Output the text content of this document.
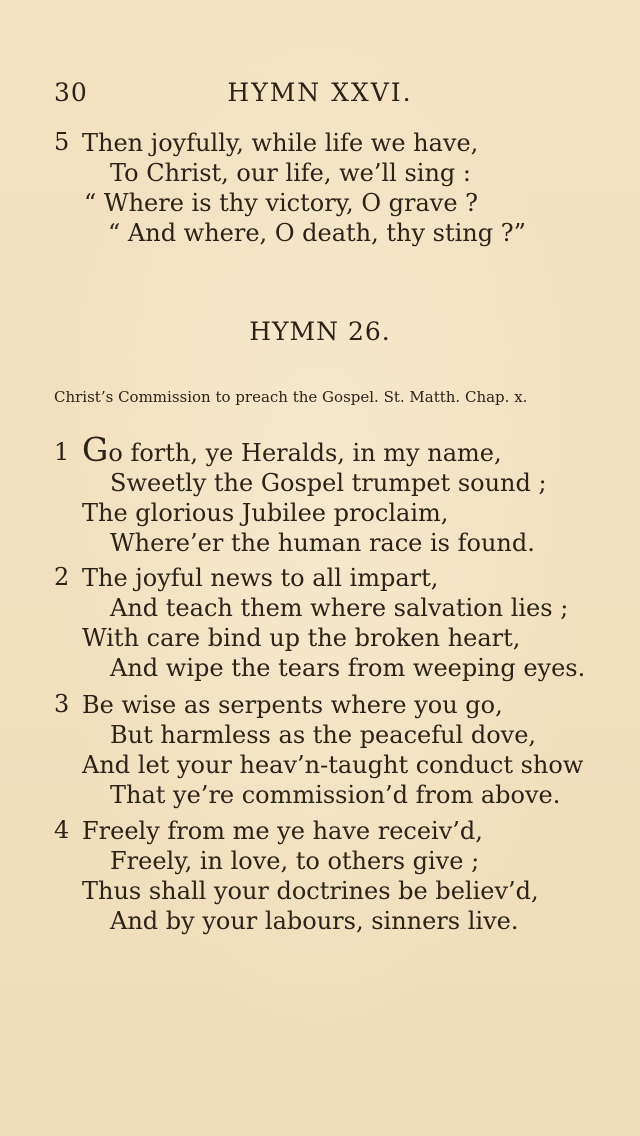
30	HYMN XXVI.
5 Then joyfully, while life we have,
To Christ, our life, we’ll sing :
“ Where is thy victory, O grave ?
“ And where, O death, thy sting ?”
HYMN 26.
Christ’s Commission to preach the Gospel. St. Matth. Chap. x.
1 Go forth, ye Heralds, in my name,
Sweetly the Gospel trumpet sound ;
The glorious Jubilee proclaim,
Where’er the human race is found.
2 The joyful news to all impart,
And teach them where salvation lies ;
With care bind up the broken heart,
And wipe the tears from weeping eyes.
3 Be wise as serpents where you go,
But harmless as the peaceful dove,
And let your heav’n-taught conduct show
That ye’re commission’d from above.
4 Freely from me ye have receiv’d,
Freely, in love, to others give ;
Thus shall your doctrines be believ’d,
And by your labours, sinners live.
